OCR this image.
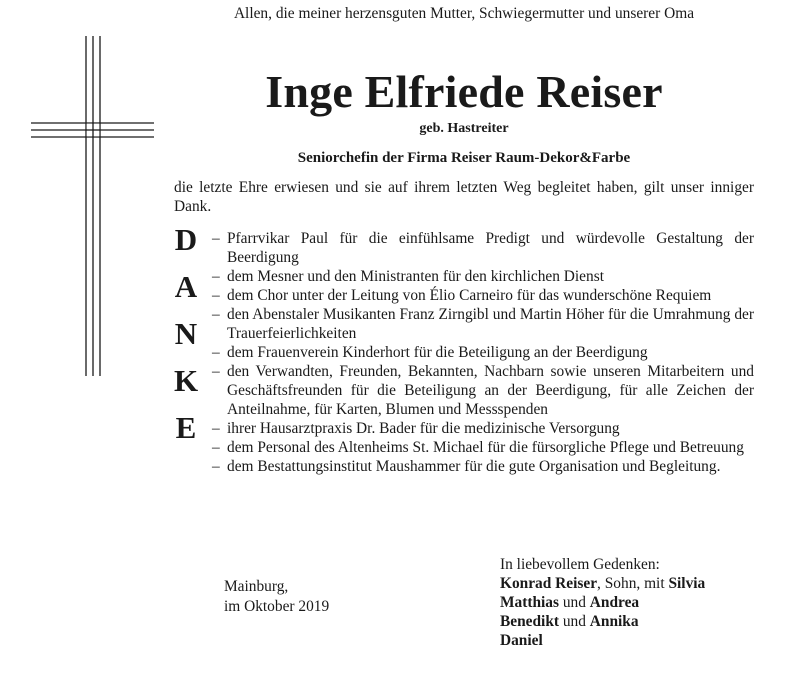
Allen, die meiner herzensguten Mutter, Schwiegermutter und unserer Oma

Inge Elfriede Reiser

geb. Hastreiter

Seniorchefin der Firma Reiser Raum-Dekor&Farbe

die letzte Ehre erwiesen und sie auf ihrem letzten Weg begleitet haben, gilt unser inniger Dank.

D
A
N
K
E
– Pfarrvikar Paul für die einfühlsame Predigt und würdevolle Gestaltung der Beerdigung
– dem Mesner und den Ministranten für den kirchlichen Dienst
– dem Chor unter der Leitung von Élio Carneiro für das wunderschöne Requiem
– den Abenstaler Musikanten Franz Zirngibl und Martin Höher für die Umrahmung der Trauerfeierlichkeiten
– dem Frauenverein Kinderhort für die Beteiligung an der Beerdigung
– den Verwandten, Freunden, Bekannten, Nachbarn sowie unseren Mitarbeitern und Geschäftsfreunden für die Beteiligung an der Beerdigung, für alle Zeichen der Anteilnahme, für Karten, Blumen und Messspenden
– ihrer Hausarztpraxis Dr. Bader für die medizinische Versorgung
– dem Personal des Altenheims St. Michael für die fürsorgliche Pflege und Betreuung
– dem Bestattungsinstitut Maushammer für die gute Organisation und Begleitung.
Mainburg,
im Oktober 2019

In liebevollem Gedenken:

Konrad Reiser, Sohn, mit Silvia

Matthias und Andrea

Benedikt und Annika

Daniel
